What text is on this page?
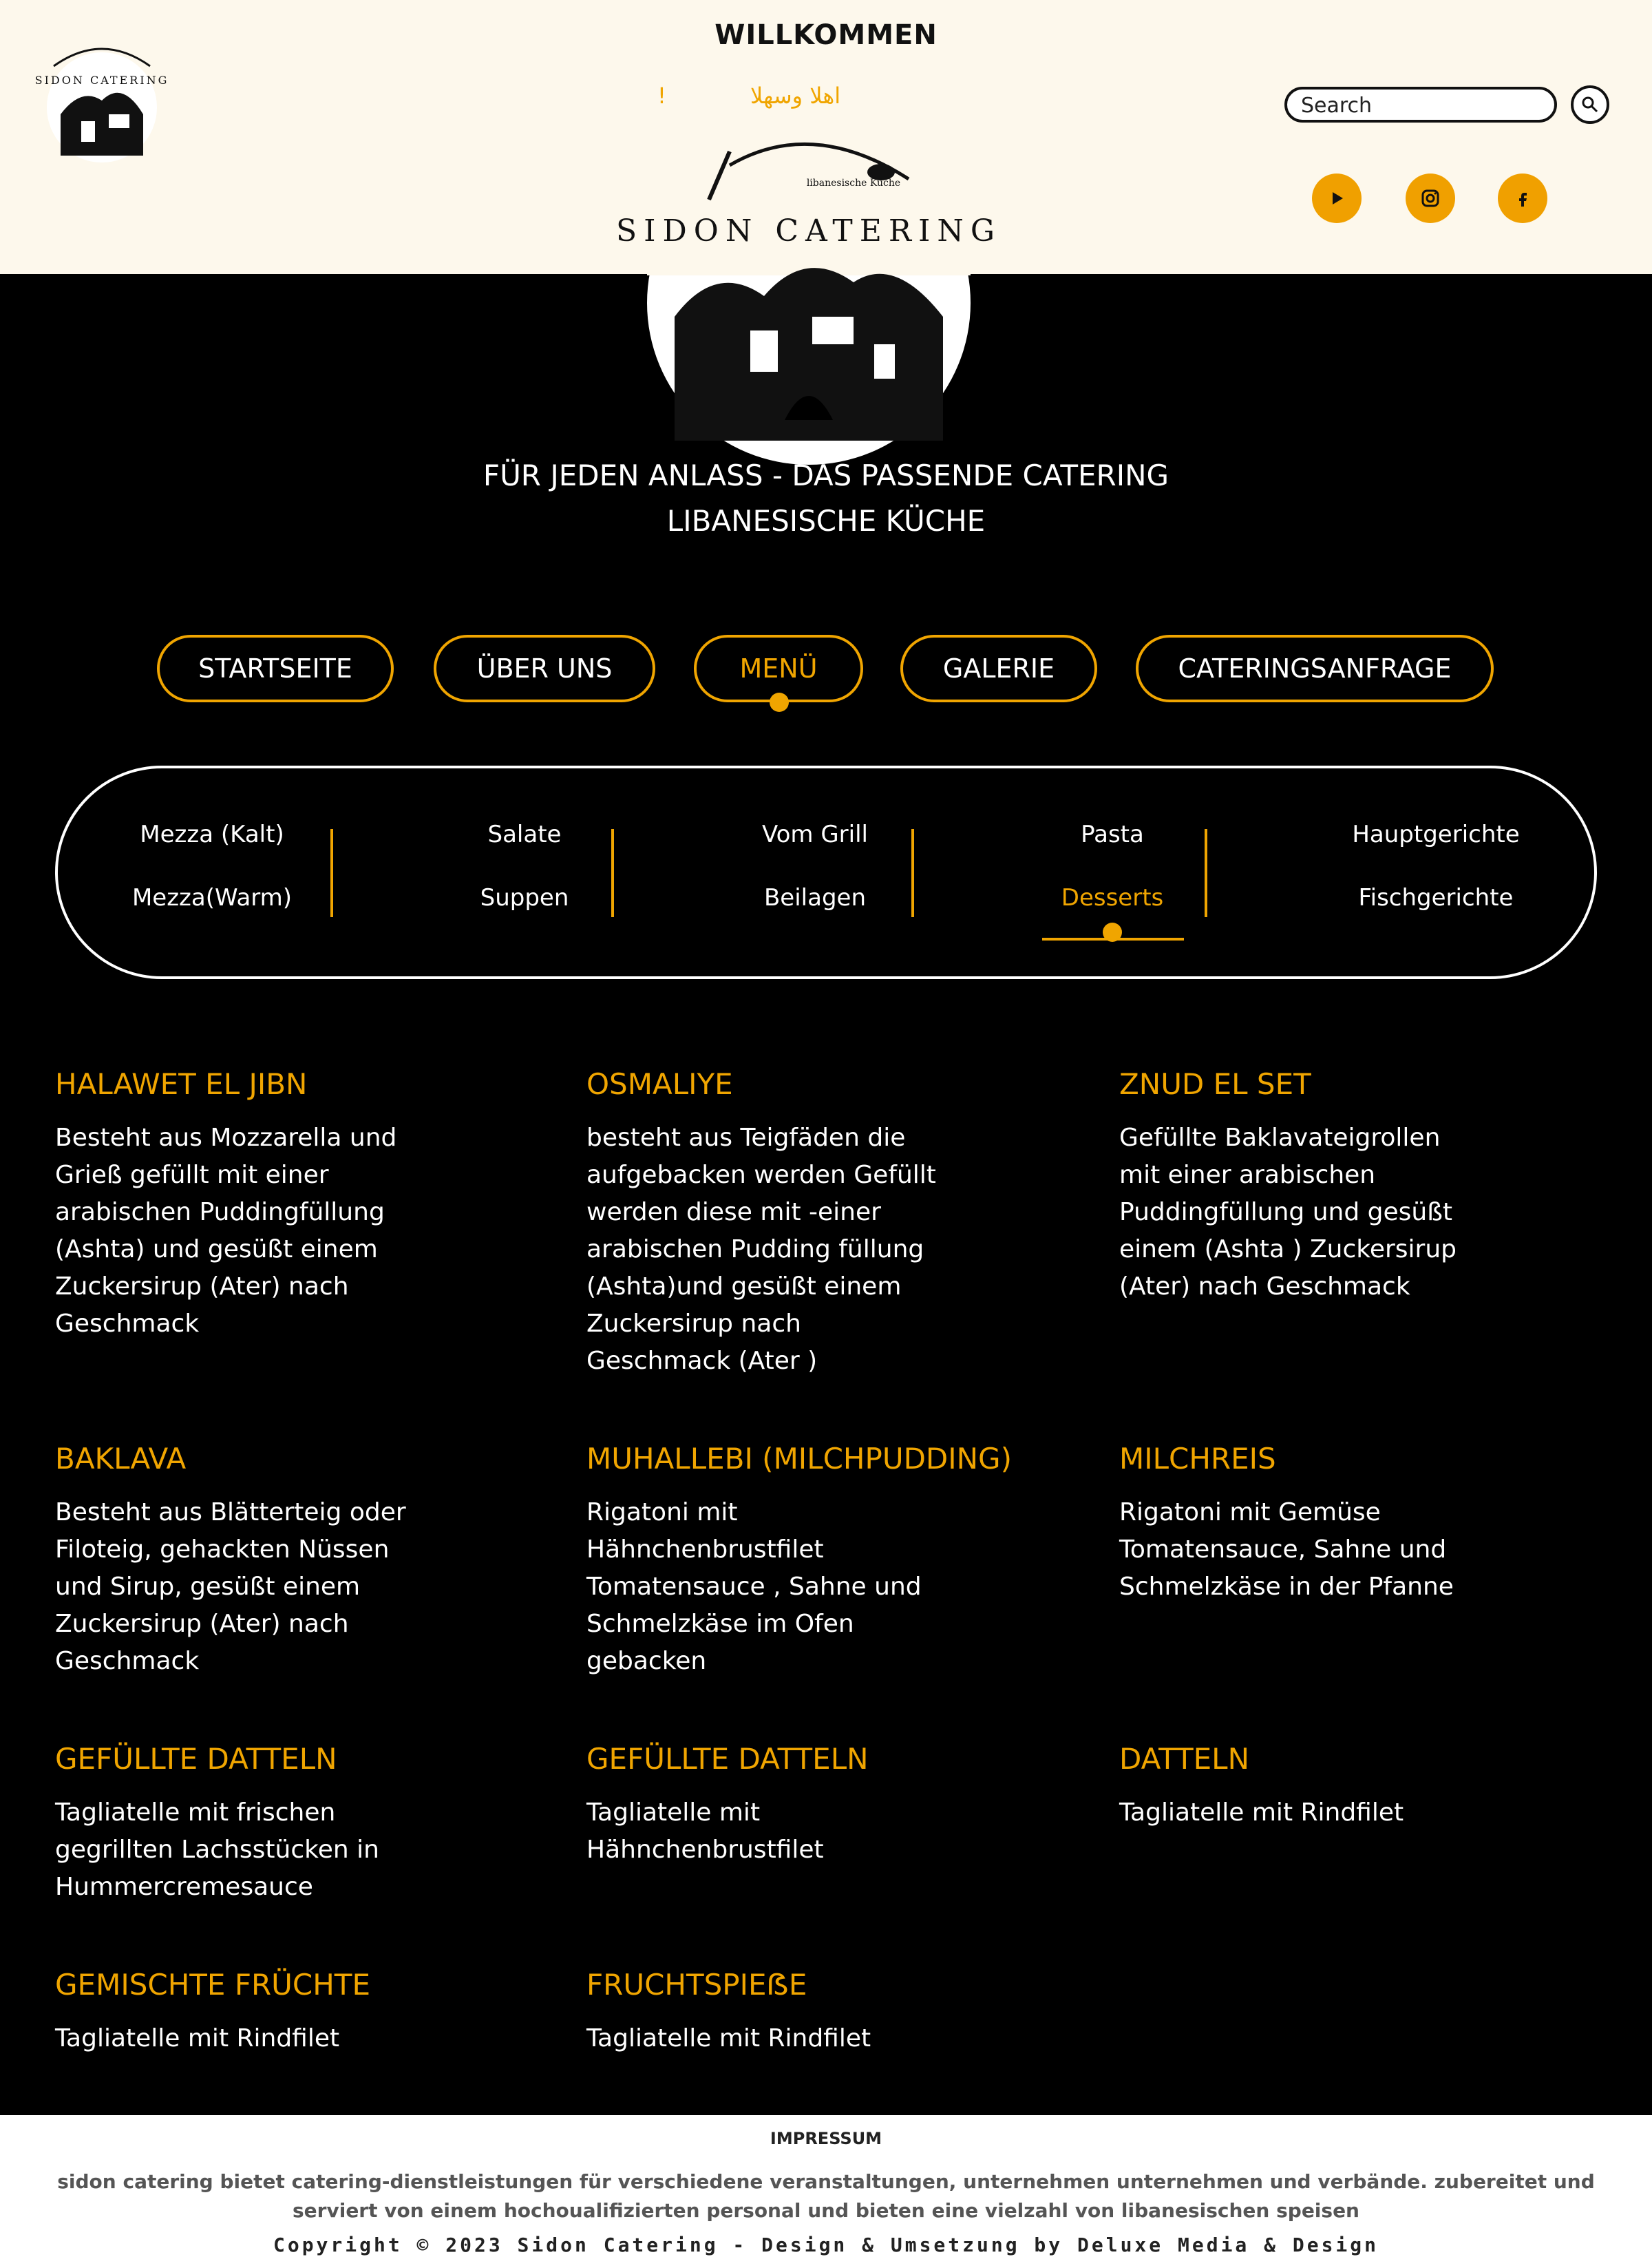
WILLKOMMEN
!	اهلا وسهلا
SIDON CATERING
Search
libanesische Küche
SIDON CATERING
FÜR JEDEN ANLASS - DAS PASSENDE CATERING
LIBANESISCHE KÜCHE
STARTSEITE	ÜBER UNS	MENÜ	GALERIE	CATERINGSANFRAGE
Mezza (Kalt)
Mezza(Warm)
Salate
Suppen
Vom Grill
Beilagen
Pasta
Desserts
Hauptgerichte
Fischgerichte
HALAWET EL JIBN
Besteht aus Mozzarella und Grieß gefüllt mit einer arabischen Puddingfüllung (Ashta) und gesüßt einem Zuckersirup (Ater) nach Geschmack
OSMALIYE
besteht aus Teigfäden die aufgebacken werden Gefüllt werden diese mit -einer arabischen Pudding füllung (Ashta)und gesüßt einem Zuckersirup nach Geschmack (Ater )
ZNUD EL SET
Gefüllte Baklavateigrollen mit einer arabischen Puddingfüllung und gesüßt einem (Ashta ) Zuckersirup (Ater) nach Geschmack
BAKLAVA
Besteht aus Blätterteig oder Filoteig, gehackten Nüssen und Sirup, gesüßt einem Zuckersirup (Ater) nach Geschmack
MUHALLEBI (MILCHPUDDING)
Rigatoni mit Hähnchenbrustfilet Tomatensauce , Sahne und Schmelzkäse im Ofen gebacken
MILCHREIS
Rigatoni mit Gemüse Tomatensauce, Sahne und Schmelzkäse in der Pfanne
GEFÜLLTE DATTELN
Tagliatelle mit frischen gegrillten Lachsstücken in Hummercremesauce
GEFÜLLTE DATTELN
Tagliatelle mit Hähnchenbrustfilet
DATTELN
Tagliatelle mit Rindfilet
GEMISCHTE FRÜCHTE
Tagliatelle mit Rindfilet
FRUCHTSPIEẞE
Tagliatelle mit Rindfilet
IMPRESSUM
sidon catering bietet catering-dienstleistungen für verschiedene veranstaltungen, unternehmen unternehmen und verbände. zubereitet und serviert von einem hochoualifizierten personal und bieten eine vielzahl von libanesischen speisen
Copyright © 2023 Sidon Catering - Design & Umsetzung by Deluxe Media & Design
